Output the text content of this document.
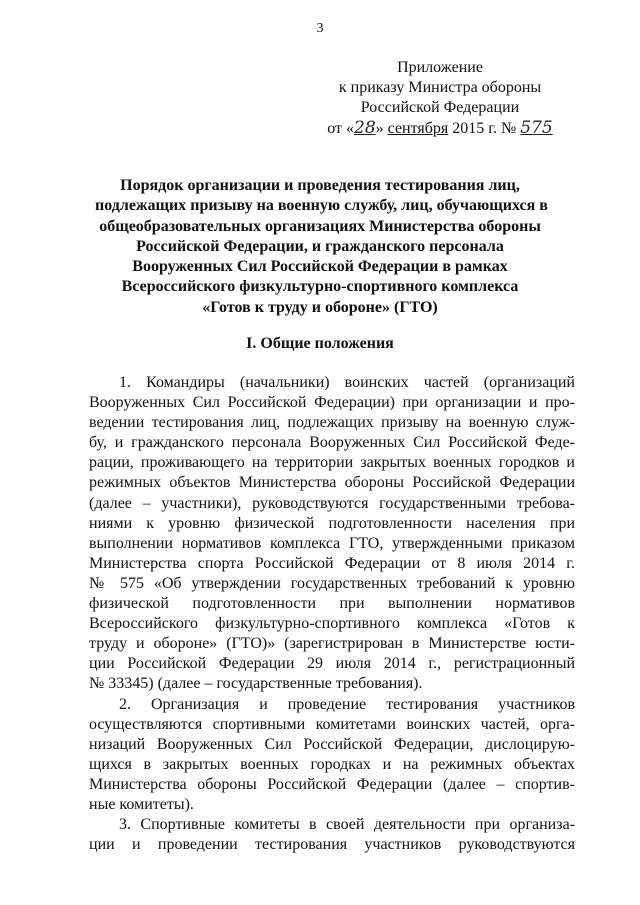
3
Приложение
к приказу Министра обороны
Российской Федерации
от «28» сентября 2015 г. № 575
Порядок организации и проведения тестирования лиц,
подлежащих призыву на военную службу, лиц, обучающихся в
общеобразовательных организациях Министерства обороны
Российской Федерации, и гражданского персонала
Вооруженных Сил Российской Федерации в рамках
Всероссийского физкультурно-спортивного комплекса
«Готов к труду и обороне» (ГТО)
I. Общие положения
1. Командиры (начальники) воинских частей (организаций
Вооруженных Сил Российской Федерации) при организации и про-
ведении тестирования лиц, подлежащих призыву на военную служ-
бу, и гражданского персонала Вооруженных Сил Российской Феде-
рации, проживающего на территории закрытых военных городков и
режимных объектов Министерства обороны Российской Федерации
(далее – участники), руководствуются государственными требова-
ниями к уровню физической подготовленности населения при
выполнении нормативов комплекса ГТО, утвержденными приказом
Министерства спорта Российской Федерации от 8 июля 2014 г.
№ 575 «Об утверждении государственных требований к уровню
физической подготовленности при выполнении нормативов
Всероссийского физкультурно-спортивного комплекса «Готов к
труду и обороне» (ГТО)» (зарегистрирован в Министерстве юсти-
ции Российской Федерации 29 июля 2014 г., регистрационный
№ 33345) (далее – государственные требования).
2. Организация и проведение тестирования участников
осуществляются спортивными комитетами воинских частей, орга-
низаций Вооруженных Сил Российской Федерации, дислоцирую-
щихся в закрытых военных городках и на режимных объектах
Министерства обороны Российской Федерации (далее – спортив-
ные комитеты).
3. Спортивные комитеты в своей деятельности при организа-
ции и проведении тестирования участников руководствуются
